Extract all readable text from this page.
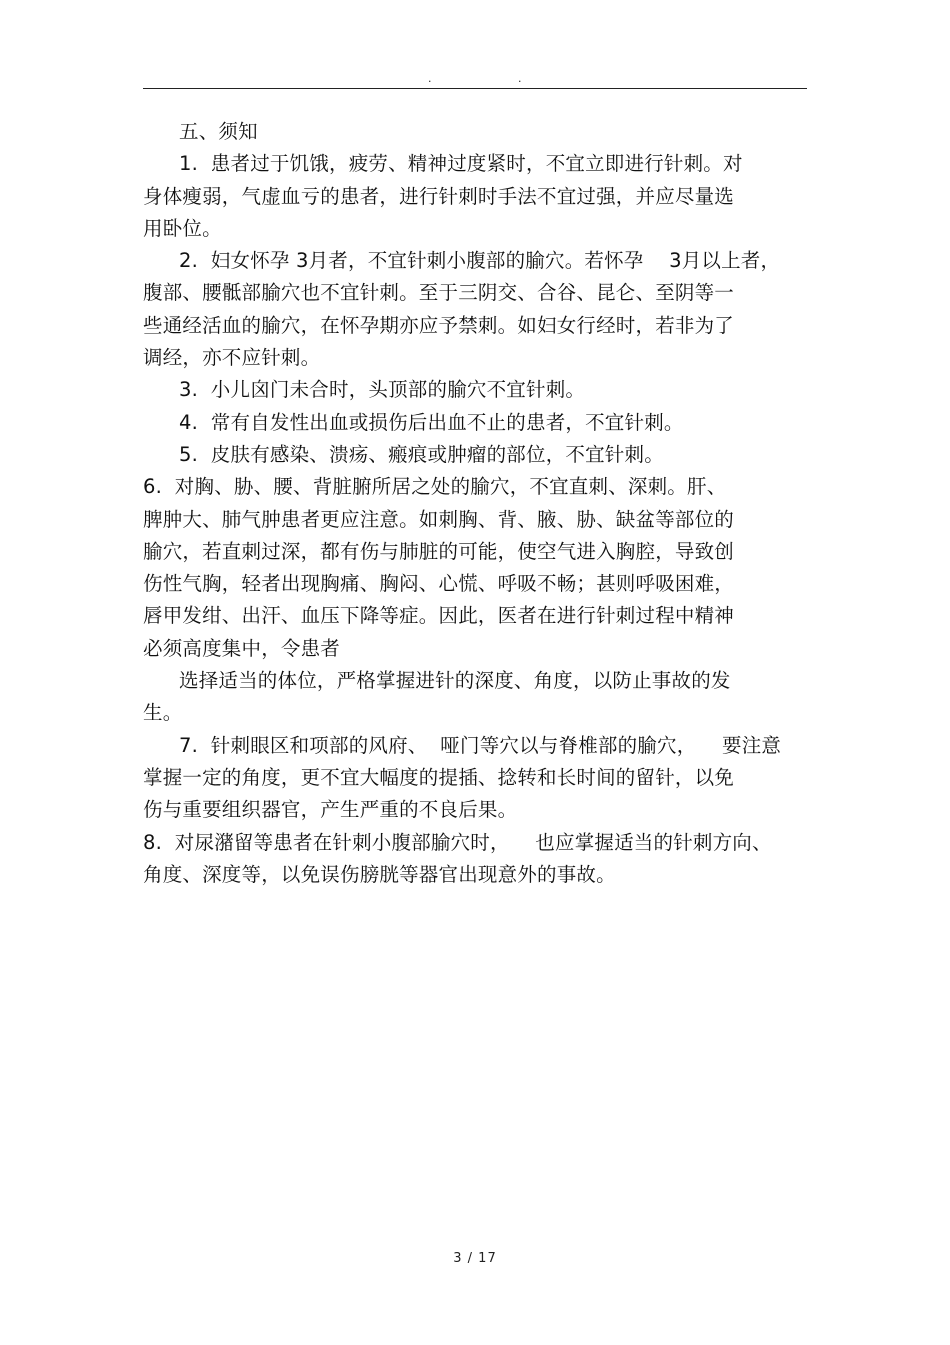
.	.
五、须知
1.  患者过于饥饿，疲劳、精神过度紧时，不宜立即进行针刺。对
身体瘦弱，气虚血亏的患者，进行针刺时手法不宜过强，并应尽量选
用卧位。
2.  妇女怀孕 3月者，不宜针刺小腹部的腧穴。若怀孕    3月以上者，
腹部、腰骶部腧穴也不宜针刺。至于三阴交、合谷、昆仑、至阴等一
些通经活血的腧穴，在怀孕期亦应予禁刺。如妇女行经时，若非为了
调经，亦不应针刺。
3.  小儿囟门未合时，头顶部的腧穴不宜针刺。
4.  常有自发性出血或损伤后出血不止的患者，不宜针刺。
5.  皮肤有感染、溃疡、瘢痕或肿瘤的部位，不宜针刺。
6.  对胸、胁、腰、背脏腑所居之处的腧穴，不宜直刺、深刺。肝、
脾肿大、肺气肿患者更应注意。如刺胸、背、腋、胁、缺盆等部位的
腧穴，若直刺过深，都有伤与肺脏的可能，使空气进入胸腔，导致创
伤性气胸，轻者出现胸痛、胸闷、心慌、呼吸不畅；甚则呼吸困难，
唇甲发绀、出汗、血压下降等症。因此，医者在进行针刺过程中精神
必须高度集中，令患者
选择适当的体位，严格掌握进针的深度、角度，以防止事故的发
生。
7.  针刺眼区和项部的风府、  哑门等穴以与脊椎部的腧穴，    要注意
掌握一定的角度，更不宜大幅度的提插、捻转和长时间的留针，以免
伤与重要组织器官，产生严重的不良后果。
8.  对尿潴留等患者在针刺小腹部腧穴时，    也应掌握适当的针刺方向、
角度、深度等，以免误伤膀胱等器官出现意外的事故。
3 / 17
